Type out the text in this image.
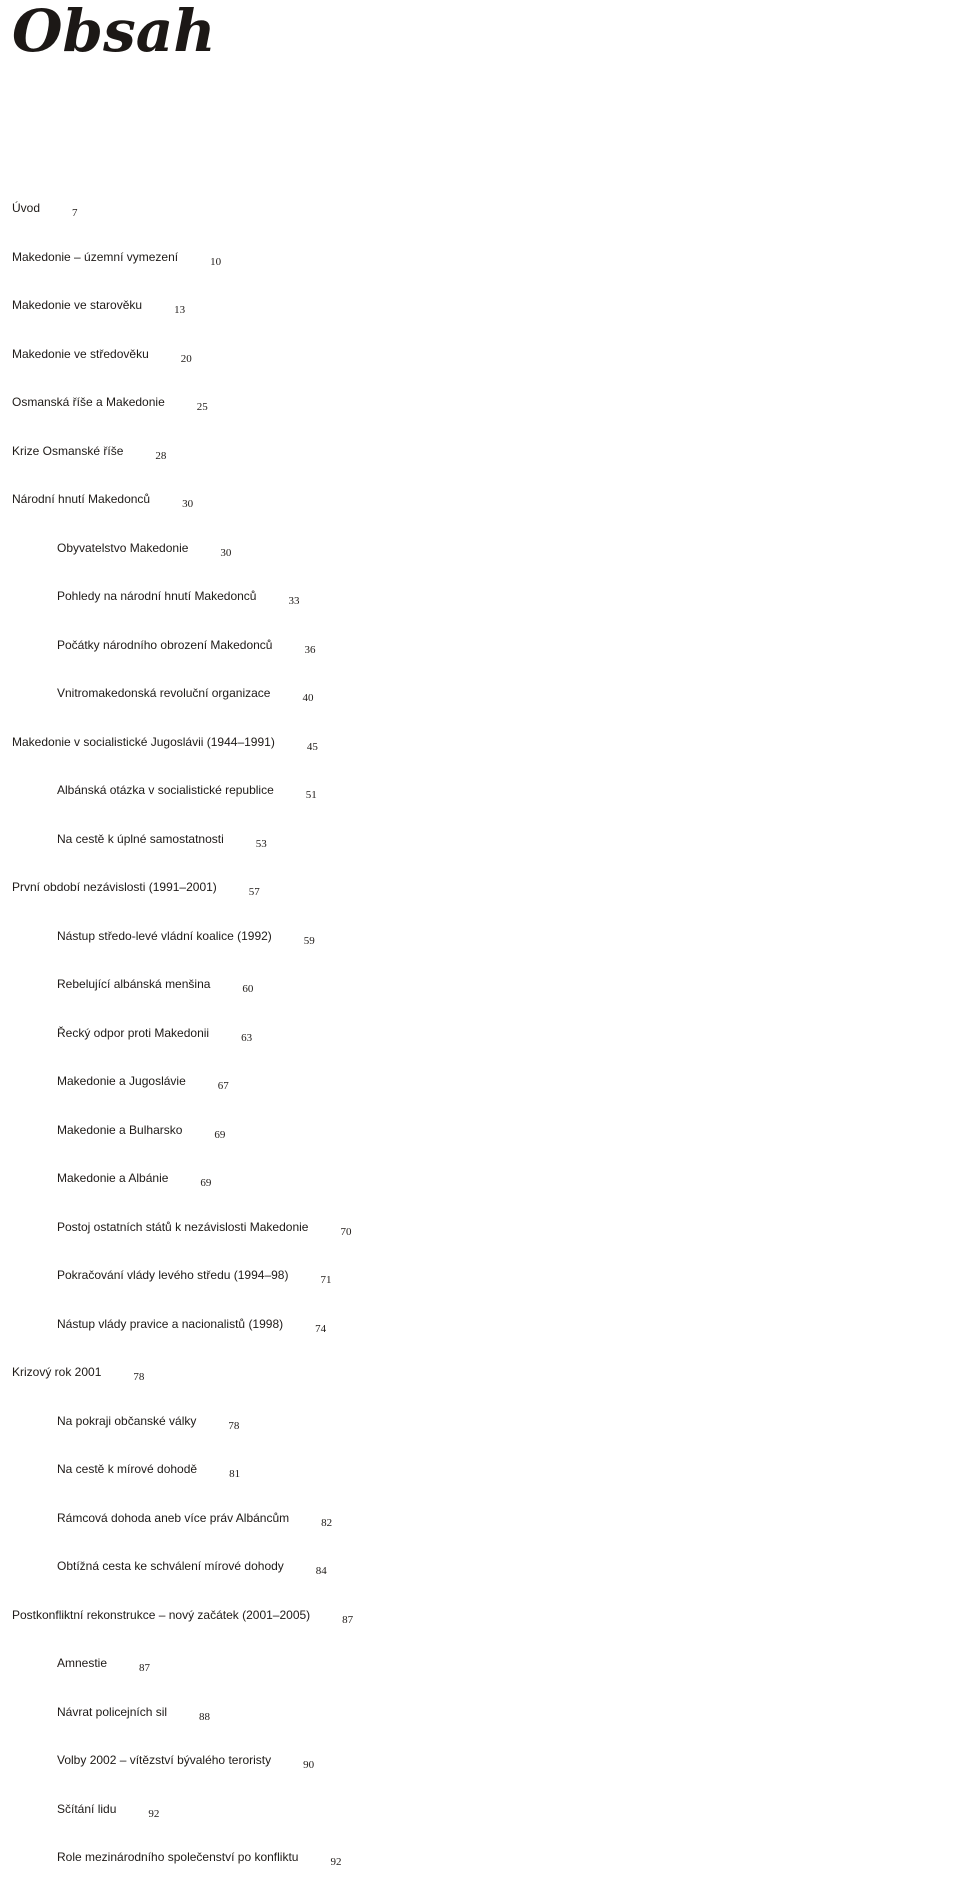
Obsah
Úvod	7
Makedonie – územní vymezení	10
Makedonie ve starověku	13
Makedonie ve středověku	20
Osmanská říše a Makedonie	25
Krize Osmanské říše	28
Národní hnutí Makedonců	30
Obyvatelstvo Makedonie	30
Pohledy na národní hnutí Makedonců	33
Počátky národního obrození Makedonců	36
Vnitromakedonská revoluční organizace	40
Makedonie v socialistické Jugoslávii (1944–1991)	45
Albánská otázka v socialistické republice	51
Na cestě k úplné samostatnosti	53
První období nezávislosti (1991–2001)	57
Nástup středo-levé vládní koalice (1992)	59
Rebelující albánská menšina	60
Řecký odpor proti Makedonii	63
Makedonie a Jugoslávie	67
Makedonie a Bulharsko	69
Makedonie a Albánie	69
Postoj ostatních států k nezávislosti Makedonie	70
Pokračování vlády levého středu (1994–98)	71
Nástup vlády pravice a nacionalistů (1998)	74
Krizový rok 2001	78
Na pokraji občanské války	78
Na cestě k mírové dohodě	81
Rámcová dohoda aneb více práv Albáncům	82
Obtížná cesta ke schválení mírové dohody	84
Postkonfliktní rekonstrukce – nový začátek (2001–2005)	87
Amnestie	87
Návrat policejních sil	88
Volby 2002 – vítězství bývalého teroristy	90
Sčítání lidu	92
Role mezinárodního společenství po konfliktu	92
